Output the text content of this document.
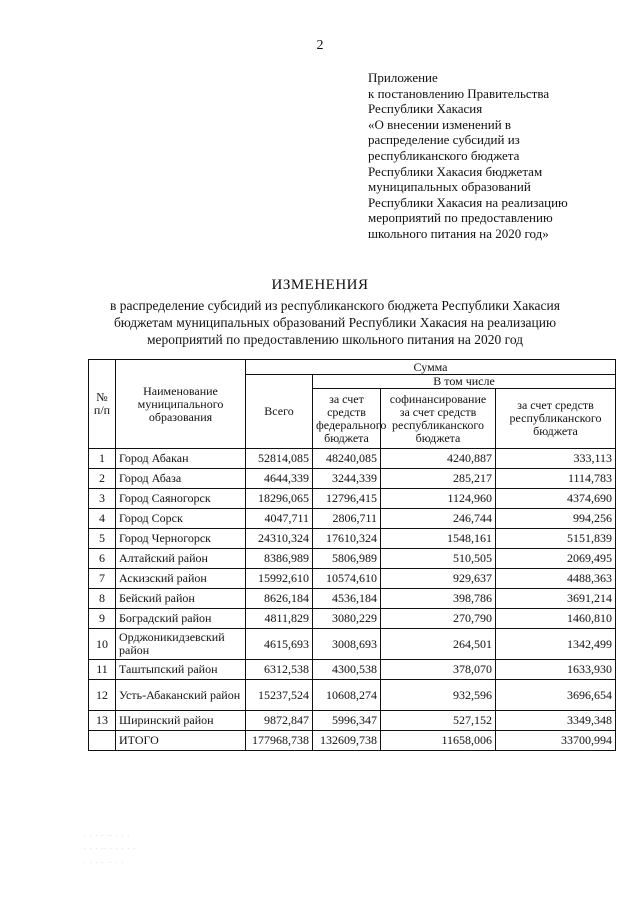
2
Приложение
к постановлению Правительства
Республики Хакасия
«О внесении изменений в
распределение субсидий из
республиканского бюджета
Республики Хакасия бюджетам
муниципальных образований
Республики Хакасия на реализацию
мероприятий по предоставлению
школьного питания на 2020 год»
ИЗМЕНЕНИЯ
в распределение субсидий из республиканского бюджета Республики Хакасия
бюджетам муниципальных образований Республики Хакасия на реализацию
мероприятий по предоставлению школьного питания на 2020 год
№ п/п	Наименование муниципального образования	Сумма			
		Всего	В том числе		
			за счет средств федерального бюджета	софинансирование за счет средств республиканского бюджета	за счет средств республиканского бюджета
1	Город Абакан	52814,085	48240,085	4240,887	333,113
2	Город Абаза	4644,339	3244,339	285,217	1114,783
3	Город Саяногорск	18296,065	12796,415	1124,960	4374,690
4	Город Сорск	4047,711	2806,711	246,744	994,256
5	Город Черногорск	24310,324	17610,324	1548,161	5151,839
6	Алтайский район	8386,989	5806,989	510,505	2069,495
7	Аскизский район	15992,610	10574,610	929,637	4488,363
8	Бейский район	8626,184	4536,184	398,786	3691,214
9	Боградский район	4811,829	3080,229	270,790	1460,810
10	Орджоникидзевский район	4615,693	3008,693	264,501	1342,499
11	Таштыпский район	6312,538	4300,538	378,070	1633,930
12	Усть-Абаканский район	15237,524	10608,274	932,596	3696,654
13	Ширинский район	9872,847	5996,347	527,152	3349,348
	ИТОГО	177968,738	132609,738	11658,006	33700,994
· · · · ·· · · ·
· · · ·· · · · · ·
· · · · ·· · ·
